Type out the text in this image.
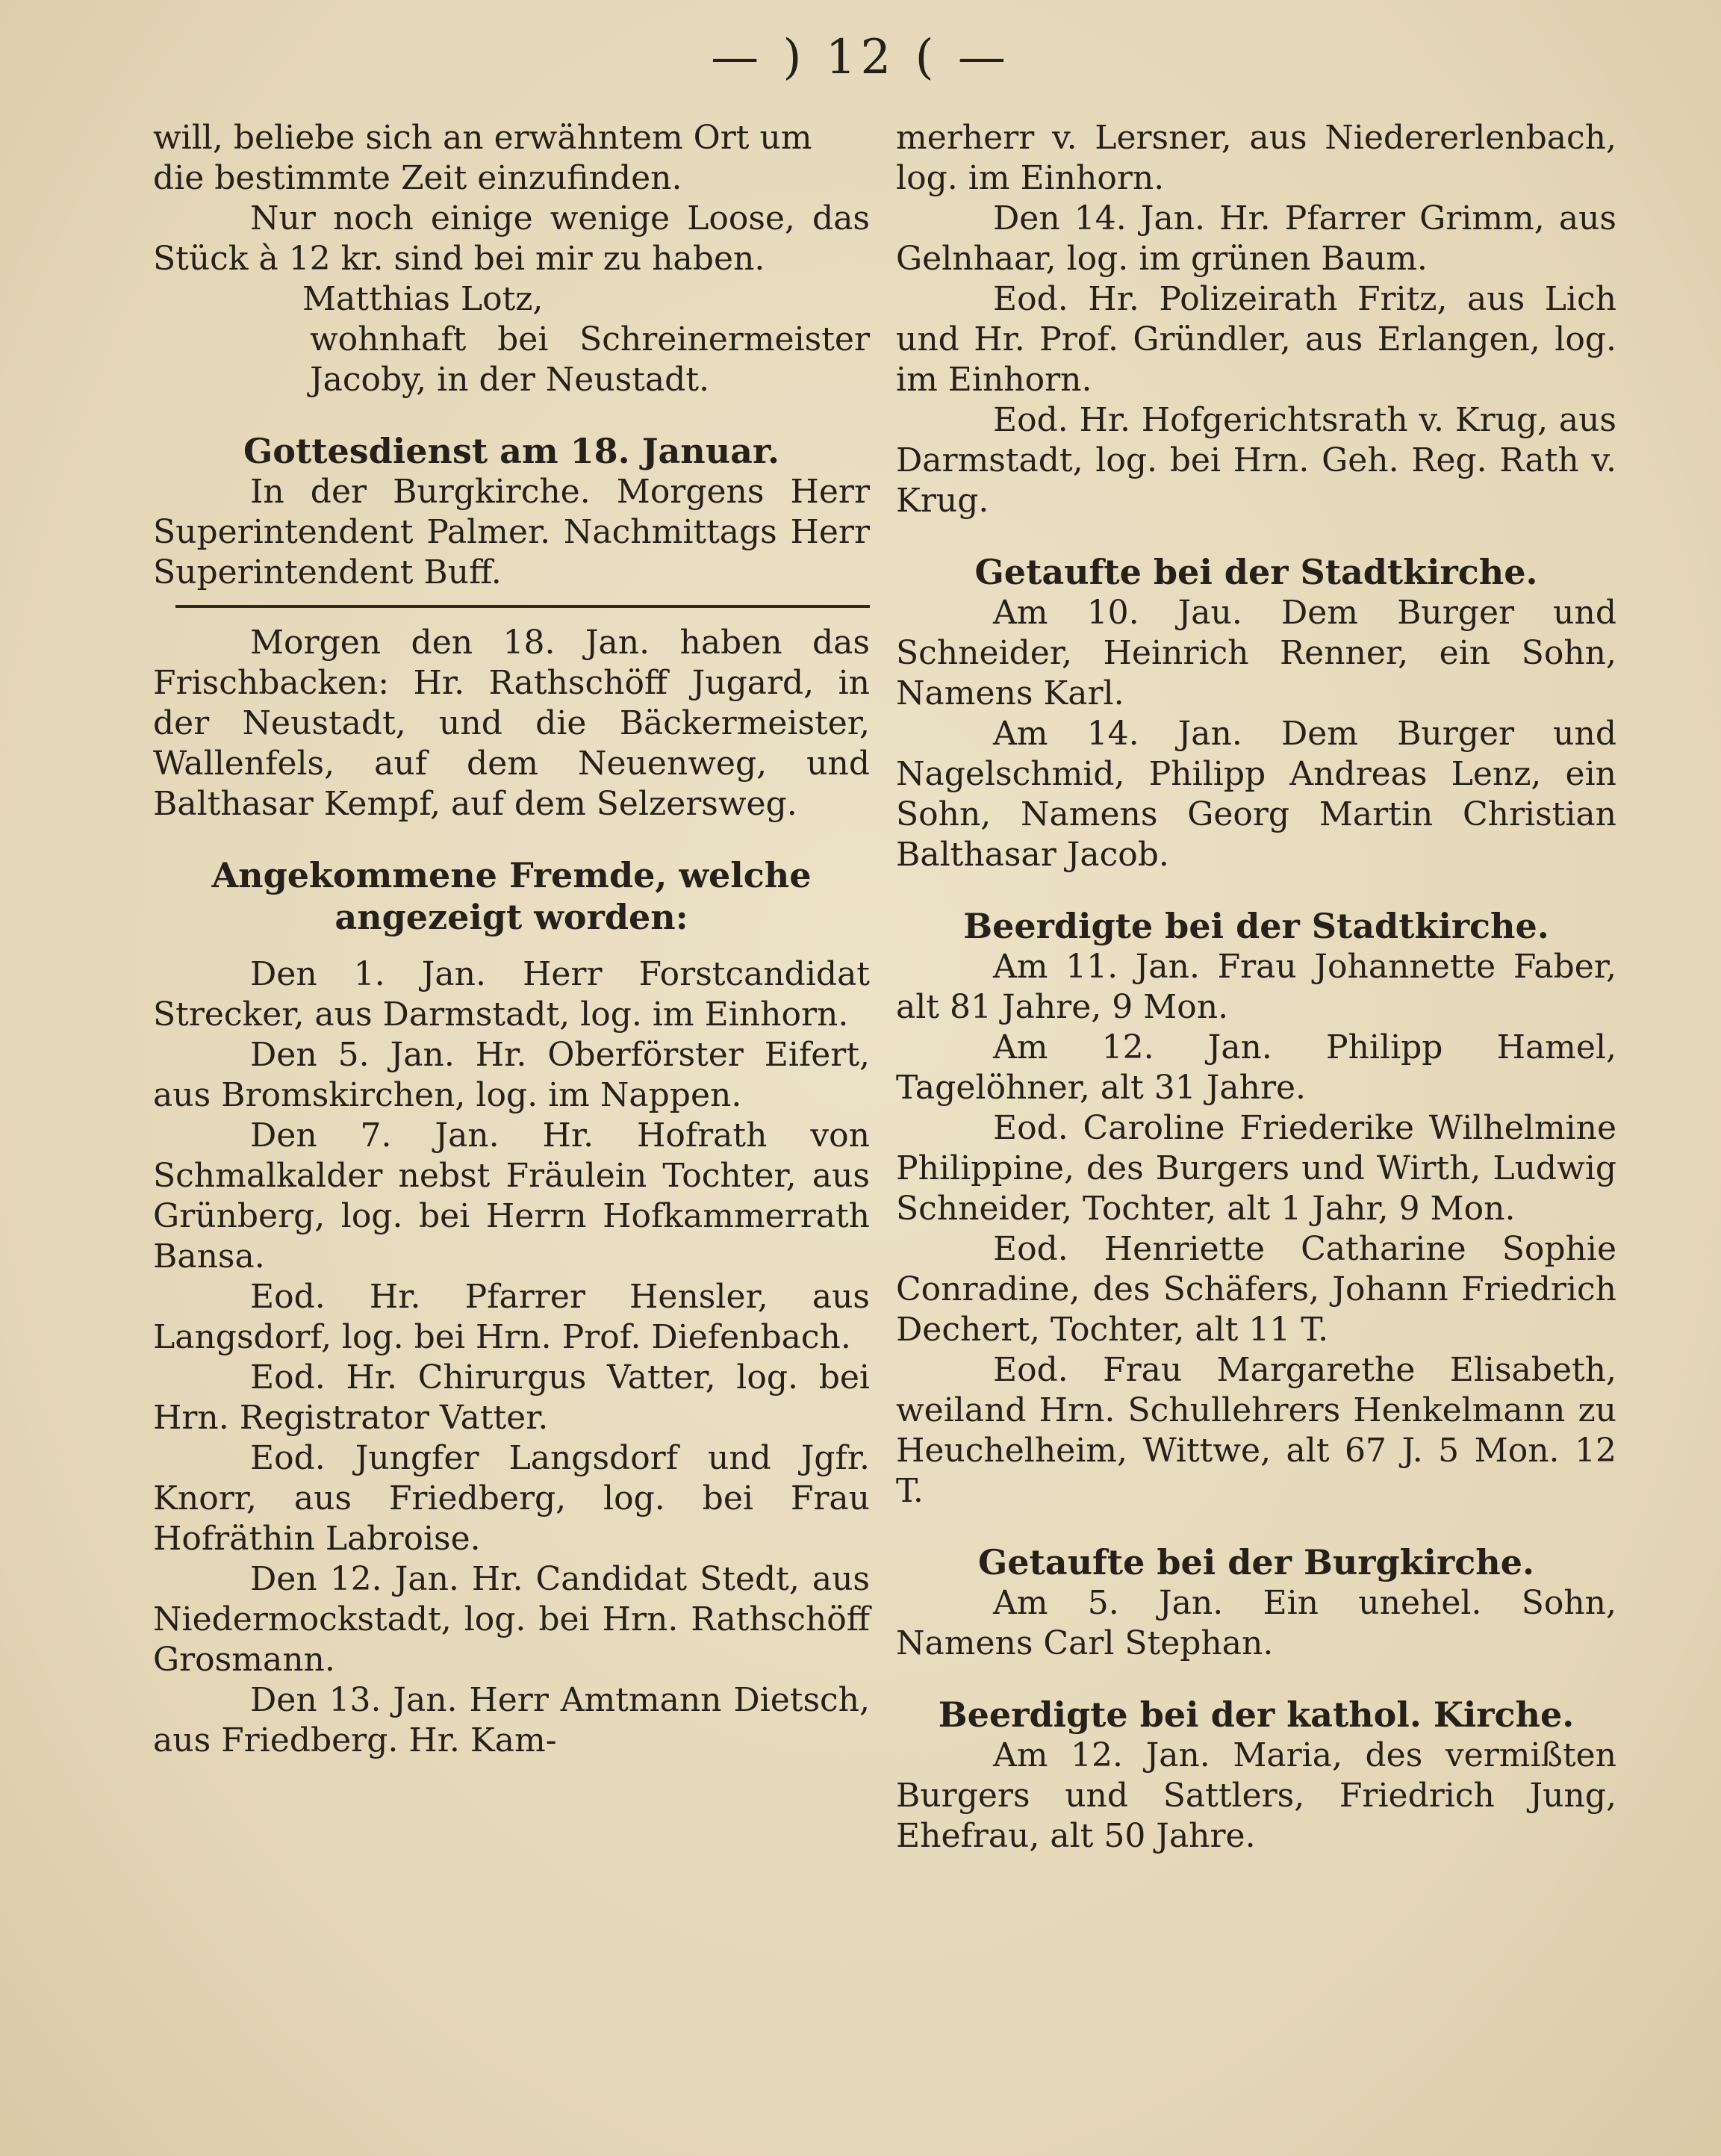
— ) 12 ( —

will, beliebe sich an erwähntem Ort um

die bestimmte Zeit einzufinden.

Nur noch einige wenige Loose, das Stück à 12 kr. sind bei mir zu haben.

Matthias Lotz,

wohnhaft bei Schreinermeister Jacoby, in der Neustadt.

Gottesdienst am 18. Januar.

In der Burgkirche. Morgens Herr Superintendent Palmer. Nachmittags Herr Superintendent Buff.

Morgen den 18. Jan. haben das Frischbacken: Hr. Rathschöff Jugard, in der Neustadt, und die Bäckermeister, Wallenfels, auf dem Neuenweg, und Balthasar Kempf, auf dem Selzersweg.

Angekommene Fremde, welche angezeigt worden:

Den 1. Jan. Herr Forstcandidat Strecker, aus Darmstadt, log. im Einhorn.

Den 5. Jan. Hr. Oberförster Eifert, aus Bromskirchen, log. im Nappen.

Den 7. Jan. Hr. Hofrath von Schmalkalder nebst Fräulein Tochter, aus Grünberg, log. bei Herrn Hofkammerrath Bansa.

Eod. Hr. Pfarrer Hensler, aus Langsdorf, log. bei Hrn. Prof. Diefenbach.

Eod. Hr. Chirurgus Vatter, log. bei Hrn. Registrator Vatter.

Eod. Jungfer Langsdorf und Jgfr. Knorr, aus Friedberg, log. bei Frau Hofräthin Labroise.

Den 12. Jan. Hr. Candidat Stedt, aus Niedermockstadt, log. bei Hrn. Rathschöff Grosmann.

Den 13. Jan. Herr Amtmann Dietsch, aus Friedberg. Hr. Kam-

merherr v. Lersner, aus Niedererlenbach, log. im Einhorn.

Den 14. Jan. Hr. Pfarrer Grimm, aus Gelnhaar, log. im grünen Baum.

Eod. Hr. Polizeirath Fritz, aus Lich und Hr. Prof. Gründler, aus Erlangen, log. im Einhorn.

Eod. Hr. Hofgerichtsrath v. Krug, aus Darmstadt, log. bei Hrn. Geh. Reg. Rath v. Krug.

Getaufte bei der Stadtkirche.

Am 10. Jau. Dem Burger und Schneider, Heinrich Renner, ein Sohn, Namens Karl.

Am 14. Jan. Dem Burger und Nagelschmid, Philipp Andreas Lenz, ein Sohn, Namens Georg Martin Christian Balthasar Jacob.

Beerdigte bei der Stadtkirche.

Am 11. Jan. Frau Johannette Faber, alt 81 Jahre, 9 Mon.

Am 12. Jan. Philipp Hamel, Tagelöhner, alt 31 Jahre.

Eod. Caroline Friederike Wilhelmine Philippine, des Burgers und Wirth, Ludwig Schneider, Tochter, alt 1 Jahr, 9 Mon.

Eod. Henriette Catharine Sophie Conradine, des Schäfers, Johann Friedrich Dechert, Tochter, alt 11 T.

Eod. Frau Margarethe Elisabeth, weiland Hrn. Schullehrers Henkelmann zu Heuchelheim, Wittwe, alt 67 J. 5 Mon. 12 T.

Getaufte bei der Burgkirche.

Am 5. Jan. Ein unehel. Sohn, Namens Carl Stephan.

Beerdigte bei der kathol. Kirche.

Am 12. Jan. Maria, des vermißten Burgers und Sattlers, Friedrich Jung, Ehefrau, alt 50 Jahre.
